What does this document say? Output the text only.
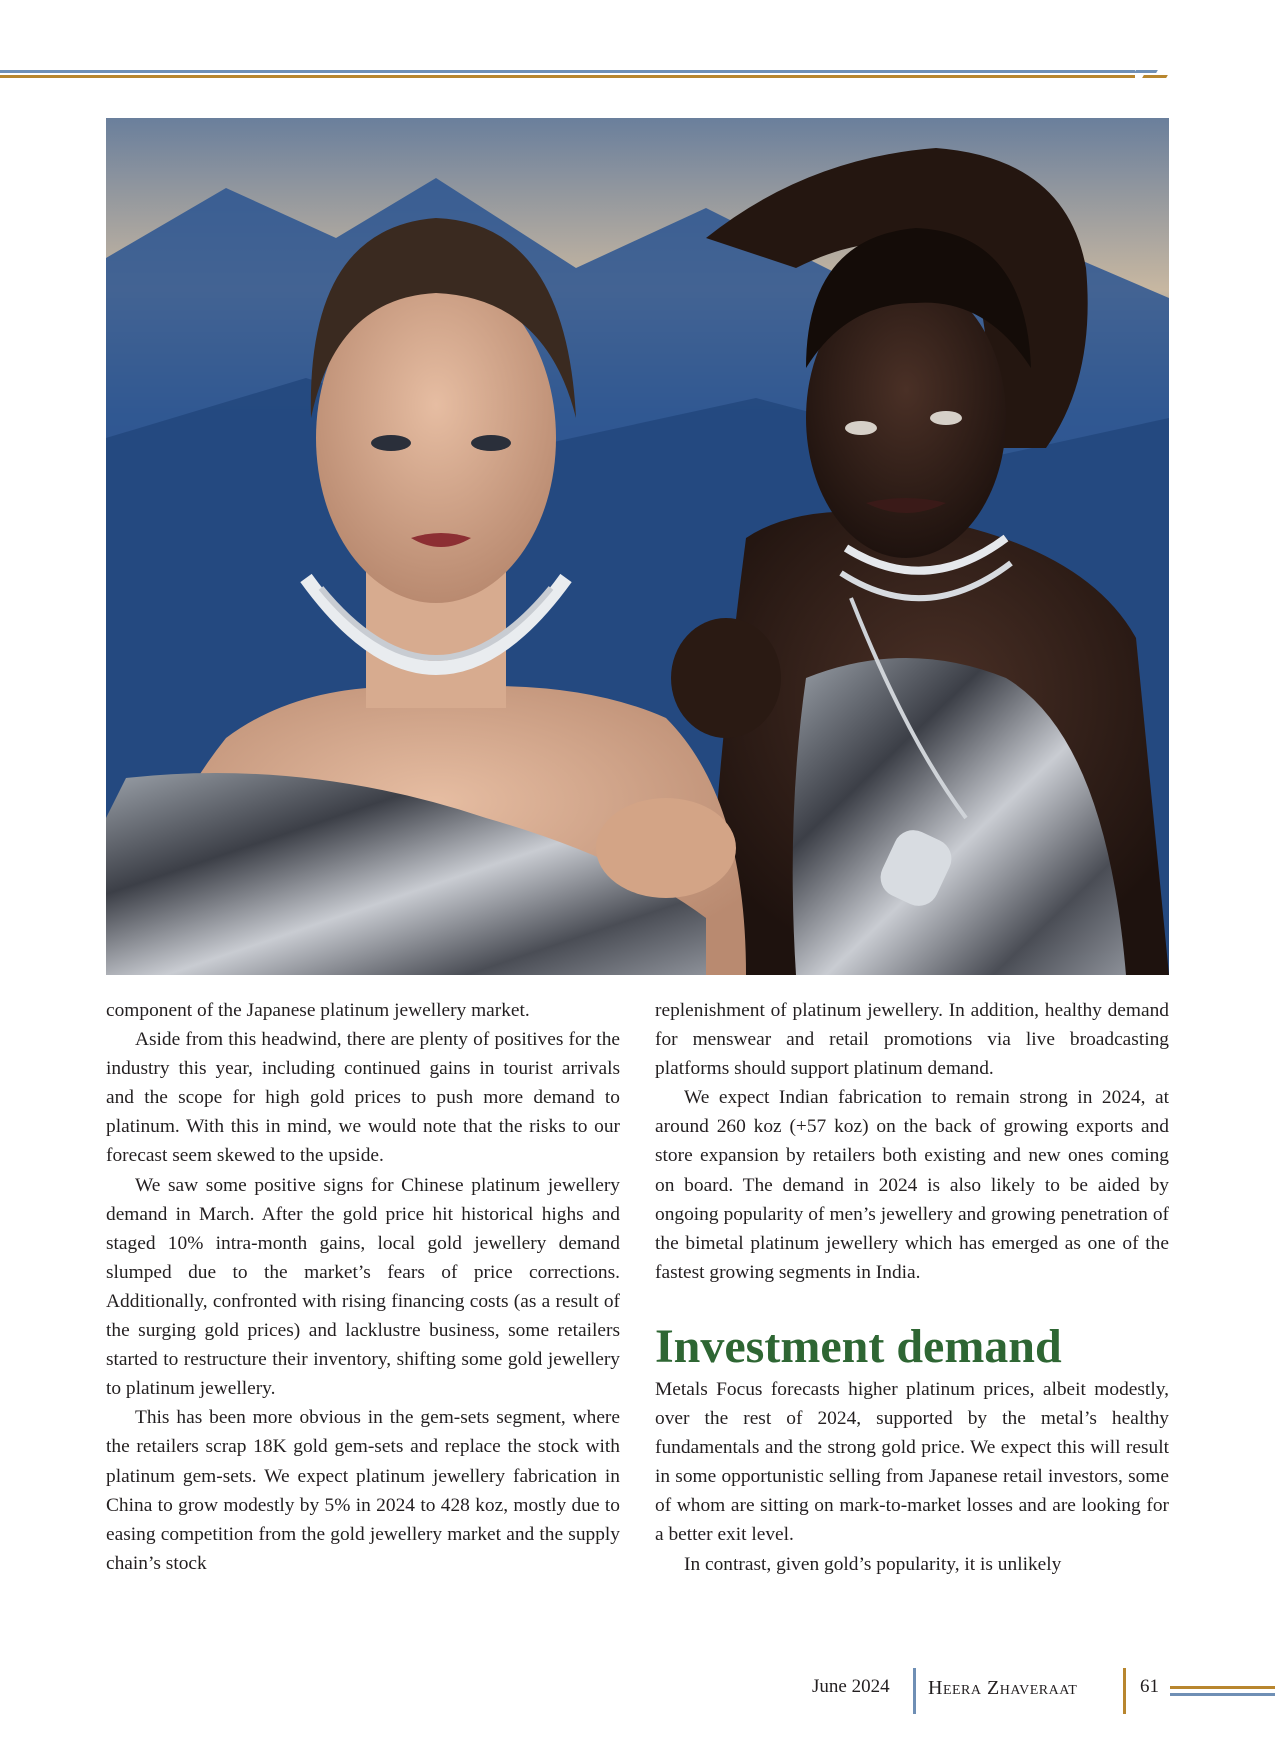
component of the Japanese platinum jewellery market.

Aside from this headwind, there are plenty of positives for the industry this year, including continued gains in tourist arrivals and the scope for high gold prices to push more demand to platinum. With this in mind, we would note that the risks to our forecast seem skewed to the upside.

We saw some positive signs for Chinese platinum jewellery demand in March. After the gold price hit historical highs and staged 10% intra-month gains, local gold jewellery demand slumped due to the market’s fears of price corrections. Additionally, confronted with rising financing costs (as a result of the surging gold prices) and lacklustre business, some retailers started to restructure their inventory, shifting some gold jewellery to platinum jewellery.

This has been more obvious in the gem-sets segment, where the retailers scrap 18K gold gem-sets and replace the stock with platinum gem-sets. We expect platinum jewellery fabrication in China to grow modestly by 5% in 2024 to 428 koz, mostly due to easing competition from the gold jewellery market and the supply chain’s stock

replenishment of platinum jewellery. In addition, healthy demand for menswear and retail promotions via live broadcasting platforms should support platinum demand.

We expect Indian fabrication to remain strong in 2024, at around 260 koz (+57 koz) on the back of growing exports and store expansion by retailers both existing and new ones coming on board. The demand in 2024 is also likely to be aided by ongoing popularity of men’s jewellery and growing penetration of the bimetal platinum jewellery which has emerged as one of the fastest growing segments in India.

Investment demand

Metals Focus forecasts higher platinum prices, albeit modestly, over the rest of 2024, supported by the metal’s healthy fundamentals and the strong gold price. We expect this will result in some opportunistic selling from Japanese retail investors, some of whom are sitting on mark-to-market losses and are looking for a better exit level.

In contrast, given gold’s popularity, it is unlikely

June 2024 Heera Zhaveraat	61
